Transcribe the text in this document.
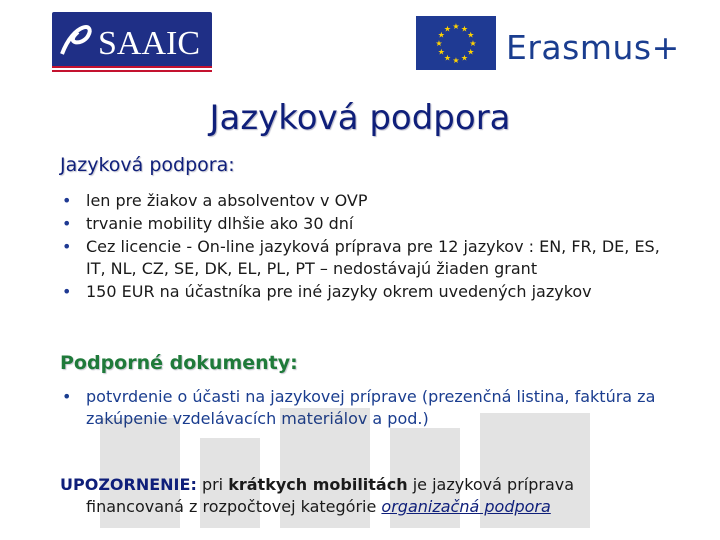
SAAIC	★ ★
★
★
★
★
★
★
★
★
★
★ Erasmus+
Jazyková podpora
Jazyková podpora:
• len pre žiakov a absolventov v OVP
• trvanie mobility dlhšie ako 30 dní
• Cez licencie - On-line jazyková príprava pre 12 jazykov : EN, FR, DE, ES, IT, NL, CZ, SE, DK, EL, PL, PT – nedostávajú žiaden grant
• 150 EUR na účastníka pre iné jazyky okrem uvedených jazykov
Podporné dokumenty:
• potvrdenie o účasti na jazykovej príprave (prezenčná listina, faktúra za zakúpenie vzdelávacích materiálov a pod.)
UPOZORNENIE: pri krátkych mobilitách je jazyková príprava
financovaná z rozpočtovej kategórie organizačná podpora
